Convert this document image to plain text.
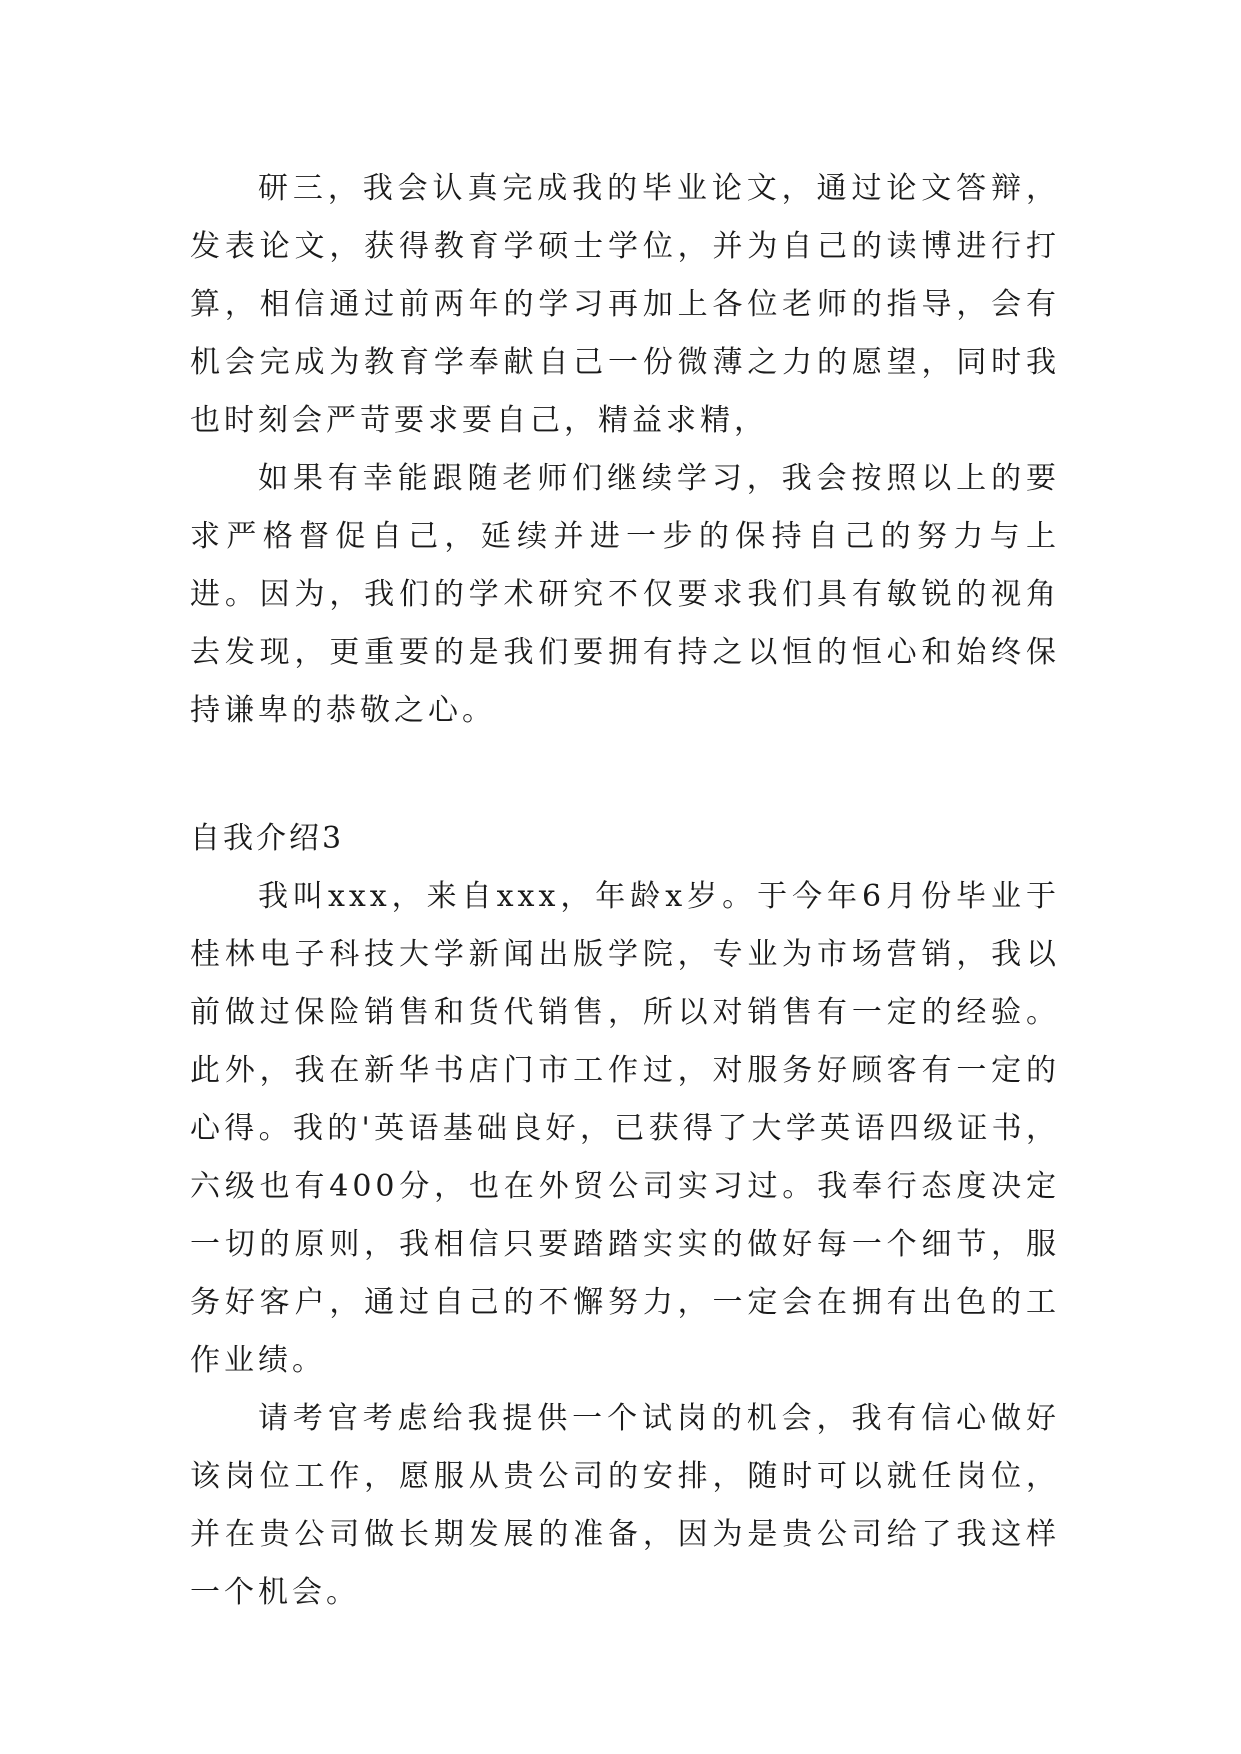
研三，我会认真完成我的毕业论文，通过论文答辩，发表论文，获得教育学硕士学位，并为自己的读博进行打算，相信通过前两年的学习再加上各位老师的指导，会有机会完成为教育学奉献自己一份微薄之力的愿望，同时我也时刻会严苛要求要自己，精益求精，

如果有幸能跟随老师们继续学习，我会按照以上的要求严格督促自己，延续并进一步的保持自己的努力与上进。因为，我们的学术研究不仅要求我们具有敏锐的视角去发现，更重要的是我们要拥有持之以恒的恒心和始终保持谦卑的恭敬之心。

自我介绍3

我叫xxx，来自xxx，年龄x岁。于今年6月份毕业于桂林电子科技大学新闻出版学院，专业为市场营销，我以前做过保险销售和货代销售，所以对销售有一定的经验。此外，我在新华书店门市工作过，对服务好顾客有一定的心得。我的'英语基础良好，已获得了大学英语四级证书，六级也有400分，也在外贸公司实习过。我奉行态度决定一切的原则，我相信只要踏踏实实的做好每一个细节，服务好客户，通过自己的不懈努力，一定会在拥有出色的工作业绩。

请考官考虑给我提供一个试岗的机会，我有信心做好该岗位工作，愿服从贵公司的安排，随时可以就任岗位，并在贵公司做长期发展的准备，因为是贵公司给了我这样一个机会。
